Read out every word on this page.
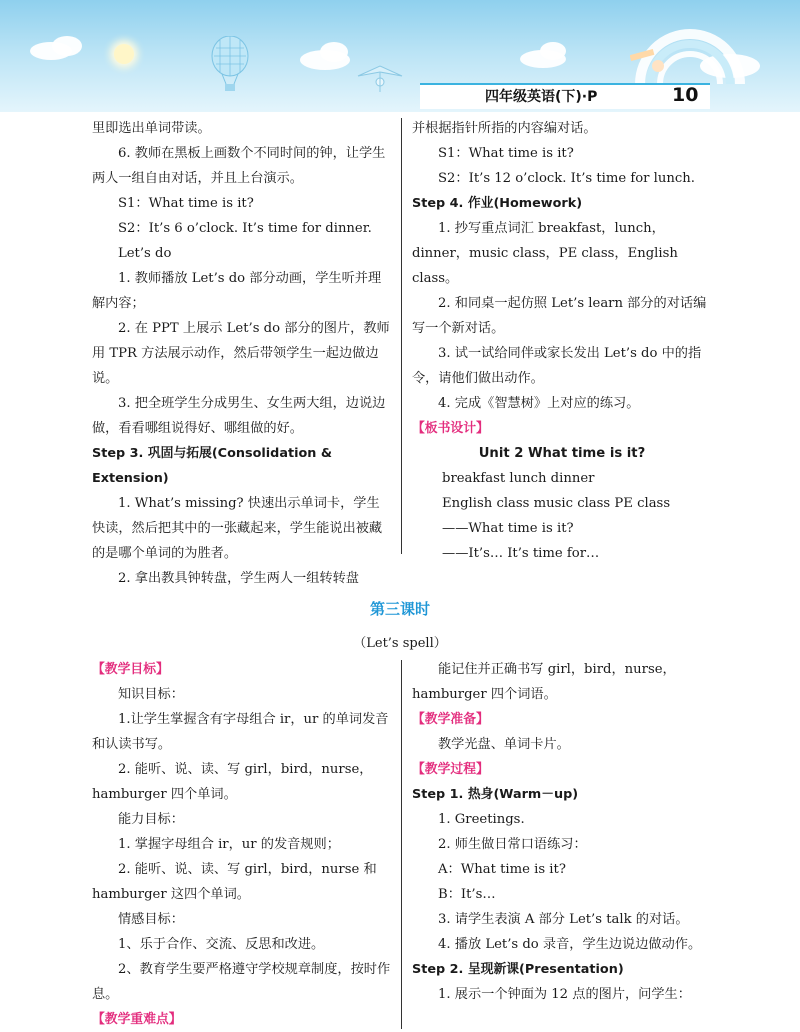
四年级英语(下)·P	10

里即选出单词带读。

6. 教师在黑板上画数个不同时间的钟，让学生两人一组自由对话，并且上台演示。

S1：What time is it?

S2：It’s 6 o’clock. It’s time for dinner.

Let’s do

1. 教师播放 Let’s do 部分动画，学生听并理解内容；

2. 在 PPT 上展示 Let’s do 部分的图片，教师用 TPR 方法展示动作，然后带领学生一起边做边说。

3. 把全班学生分成男生、女生两大组，边说边做，看看哪组说得好、哪组做的好。

Step 3. 巩固与拓展(Consolidation & Extension)

1. What’s missing? 快速出示单词卡，学生快读，然后把其中的一张藏起来，学生能说出被藏的是哪个单词的为胜者。

2. 拿出教具钟转盘，学生两人一组转转盘

并根据指针所指的内容编对话。

S1：What time is it?

S2：It’s 12 o’clock. It’s time for lunch.

Step 4. 作业(Homework)

1. 抄写重点词汇 breakfast，lunch，dinner，music class，PE class，English class。

2. 和同桌一起仿照 Let’s learn 部分的对话编写一个新对话。

3. 试一试给同伴或家长发出 Let’s do 中的指令，请他们做出动作。

4. 完成《智慧树》上对应的练习。

【板书设计】

Unit 2 What time is it?

breakfast lunch dinner

English class music class PE class

——What time is it?

——It’s… It’s time for…

第三课时
（Let’s spell）

【教学目标】

知识目标：

1.让学生掌握含有字母组合 ir，ur 的单词发音和认读书写。

2. 能听、说、读、写 girl，bird，nurse，hamburger 四个单词。

能力目标：

1. 掌握字母组合 ir，ur 的发音规则；

2. 能听、说、读、写 girl，bird，nurse 和 hamburger 这四个单词。

情感目标：

1、乐于合作、交流、反思和改进。

2、教育学生要严格遵守学校规章制度，按时作息。

【教学重难点】

能记住并正确书写 girl，bird，nurse，hamburger 四个词语。

【教学准备】

教学光盘、单词卡片。

【教学过程】

Step 1. 热身(Warm－up)

1. Greetings.

2. 师生做日常口语练习：

A：What time is it?

B：It’s…

3. 请学生表演 A 部分 Let’s talk 的对话。

4. 播放 Let’s do 录音，学生边说边做动作。

Step 2. 呈现新课(Presentation)

1. 展示一个钟面为 12 点的图片，问学生：
